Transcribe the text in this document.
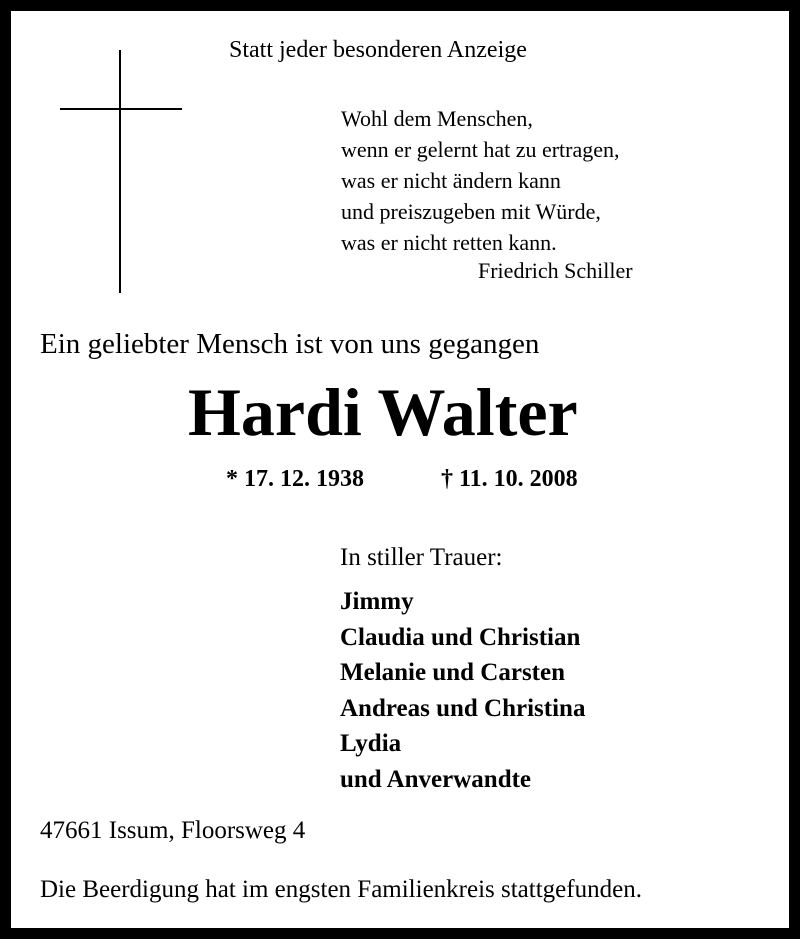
Statt jeder besonderen Anzeige
Wohl dem Menschen,
wenn er gelernt hat zu ertragen,
was er nicht ändern kann
und preiszugeben mit Würde,
was er nicht retten kann.
Friedrich Schiller
Ein geliebter Mensch ist von uns gegangen
Hardi Walter
* 17. 12. 1938	† 11. 10. 2008
In stiller Trauer:
Jimmy
Claudia und Christian
Melanie und Carsten
Andreas und Christina
Lydia
und Anverwandte
47661 Issum, Floorsweg 4
Die Beerdigung hat im engsten Familienkreis stattgefunden.
